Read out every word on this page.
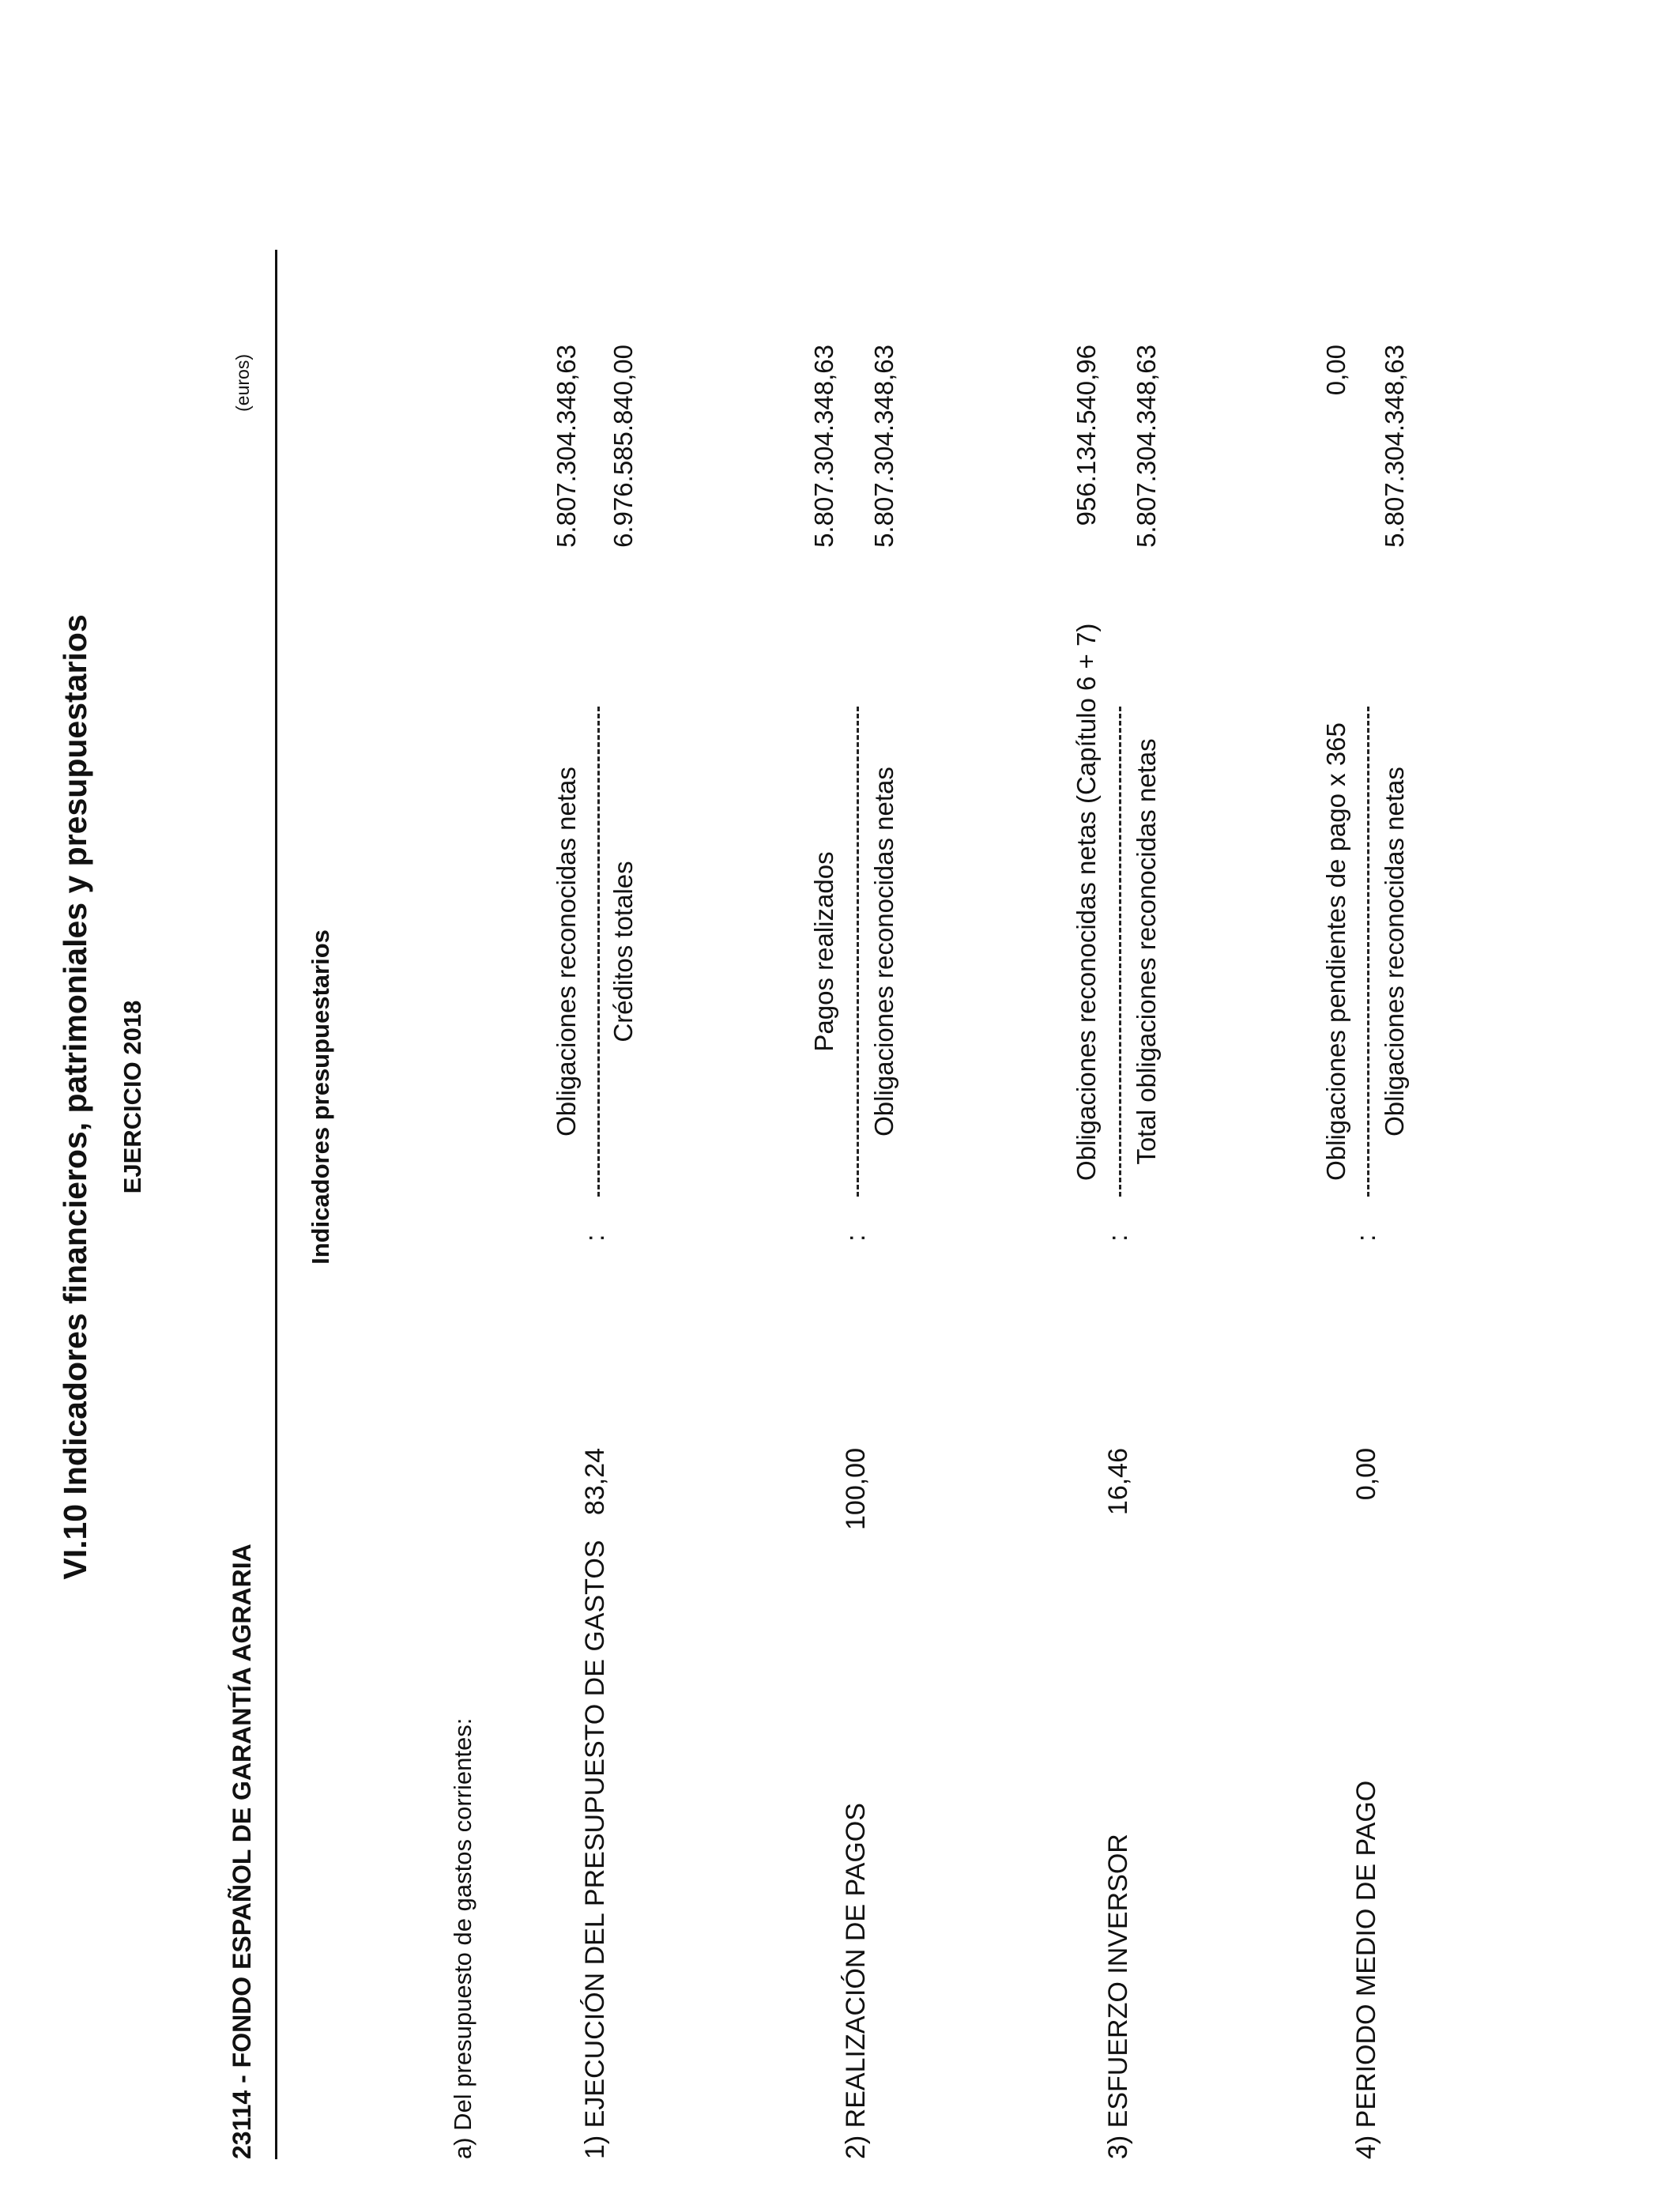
VI.10 Indicadores financieros, patrimoniales y presupuestarios EJERCICIO 2018
23114 - FONDO ESPAÑOL DE GARANTÍA AGRARIA
(euros)
Indicadores presupuestarios
a) Del presupuesto de gastos corrientes:	1) EJECUCIÓN DEL PRESUPUESTO DE GASTOS
83,24
:
Obligaciones reconocidas netas Créditos totales
5.807.304.348,63 6.976.585.840,00
2) REALIZACIÓN DE PAGOS
100,00
:
Pagos realizados Obligaciones reconocidas netas
5.807.304.348,63 5.807.304.348,63
3) ESFUERZO INVERSOR
16,46
:
Obligaciones reconocidas netas (Capítulo 6 + 7) Total obligaciones reconocidas netas
956.134.540,96 5.807.304.348,63
4) PERIODO MEDIO DE PAGO
0,00
:
Obligaciones pendientes de pago x 365 Obligaciones reconocidas netas
0,00 5.807.304.348,63
